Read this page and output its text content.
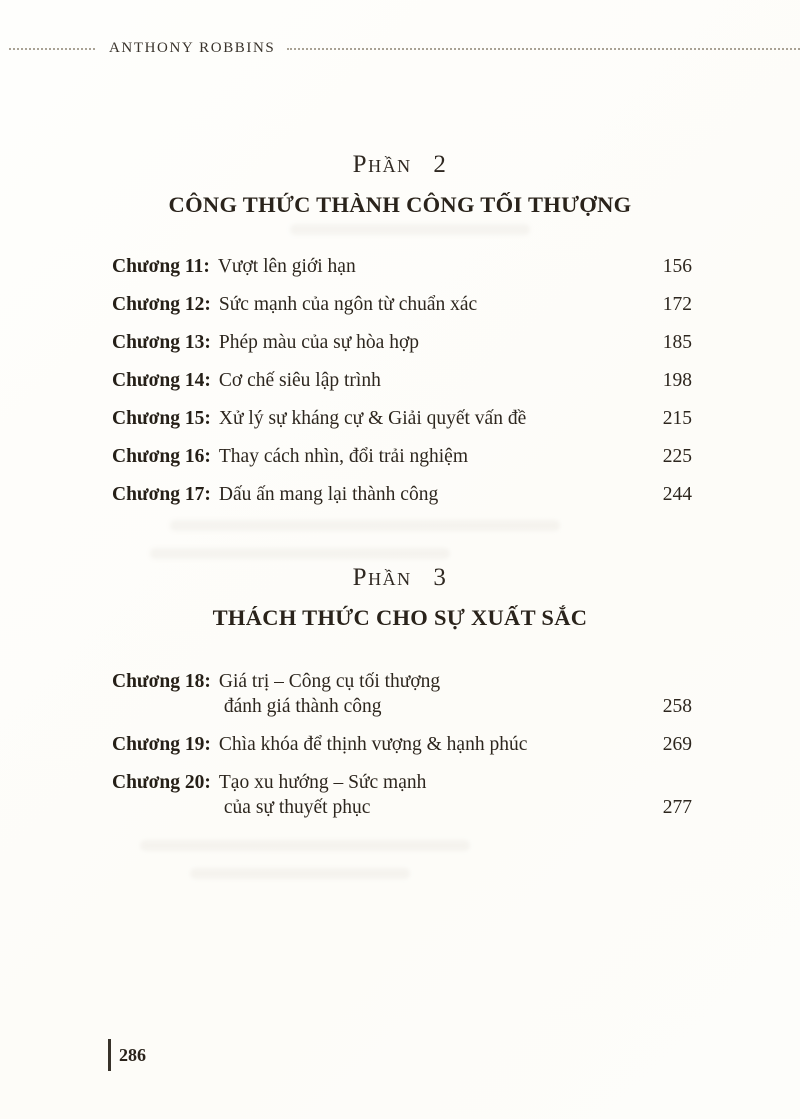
ANTHONY ROBBINS
Phần 2
CÔNG THỨC THÀNH CÔNG TỐI THƯỢNG
Chương 11: Vượt lên giới hạn	156
Chương 12: Sức mạnh của ngôn từ chuẩn xác	172
Chương 13: Phép màu của sự hòa hợp	185
Chương 14: Cơ chế siêu lập trình	198
Chương 15: Xử lý sự kháng cự & Giải quyết vấn đề	215
Chương 16: Thay cách nhìn, đổi trải nghiệm	225
Chương 17: Dấu ấn mang lại thành công	244
Phần 3
THÁCH THỨC CHO SỰ XUẤT SẮC
Chương 18: Giá trị – Công cụ tối thượng
đánh giá thành công	258
Chương 19: Chìa khóa để thịnh vượng & hạnh phúc	269
Chương 20: Tạo xu hướng – Sức mạnh
của sự thuyết phục	277
286
